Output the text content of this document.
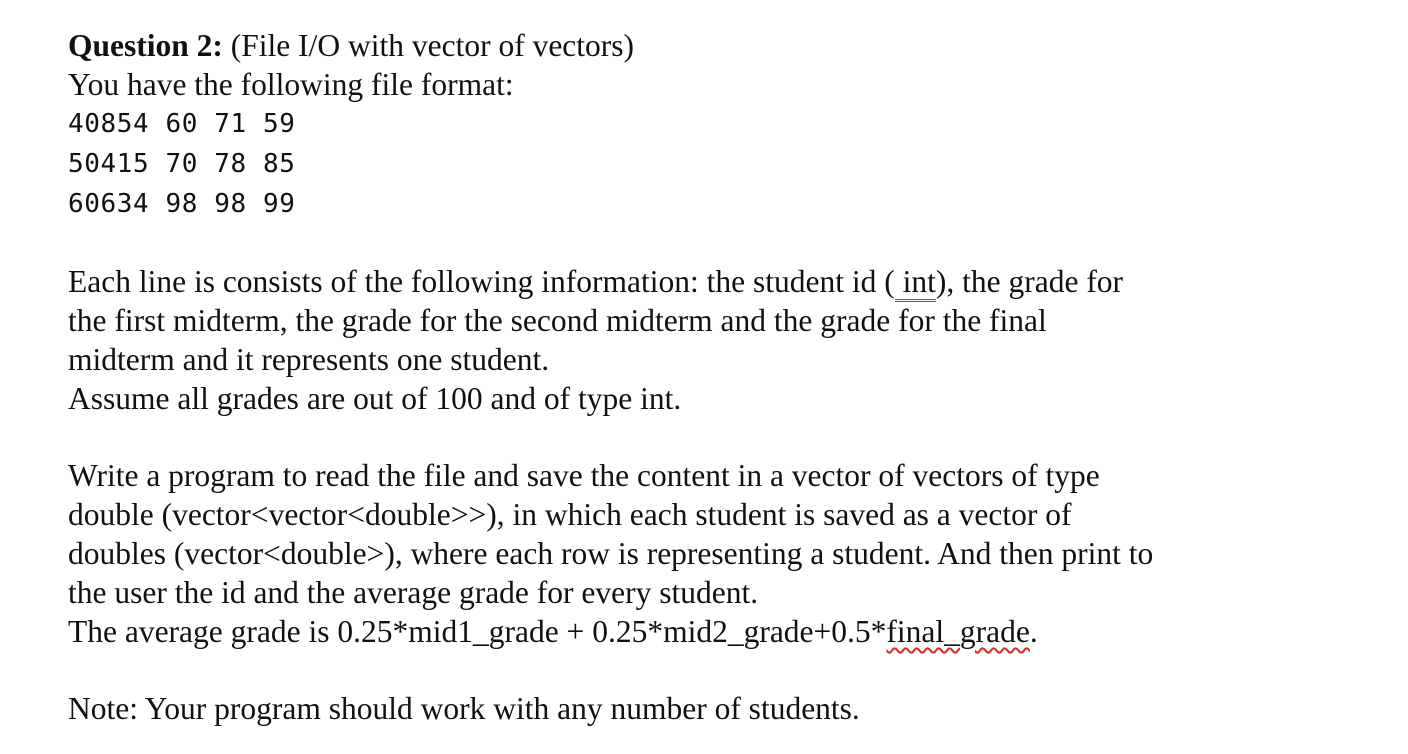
Question 2: (File I/O with vector of vectors)
You have the following file format:
40854 60 71 59
50415 70 78 85
60634 98 98 99
Each line is consists of the following information: the student id ( int), the grade for
the first midterm, the grade for the second midterm and the grade for the final
midterm and it represents one student.
Assume all grades are out of 100 and of type int.
Write a program to read the file and save the content in a vector of vectors of type
double (vector<vector<double>>), in which each student is saved as a vector of
doubles (vector<double>), where each row is representing a student. And then print to
the user the id and the average grade for every student.
The average grade is 0.25*mid1_grade + 0.25*mid2_grade+0.5*final_grade.
Note: Your program should work with any number of students.
